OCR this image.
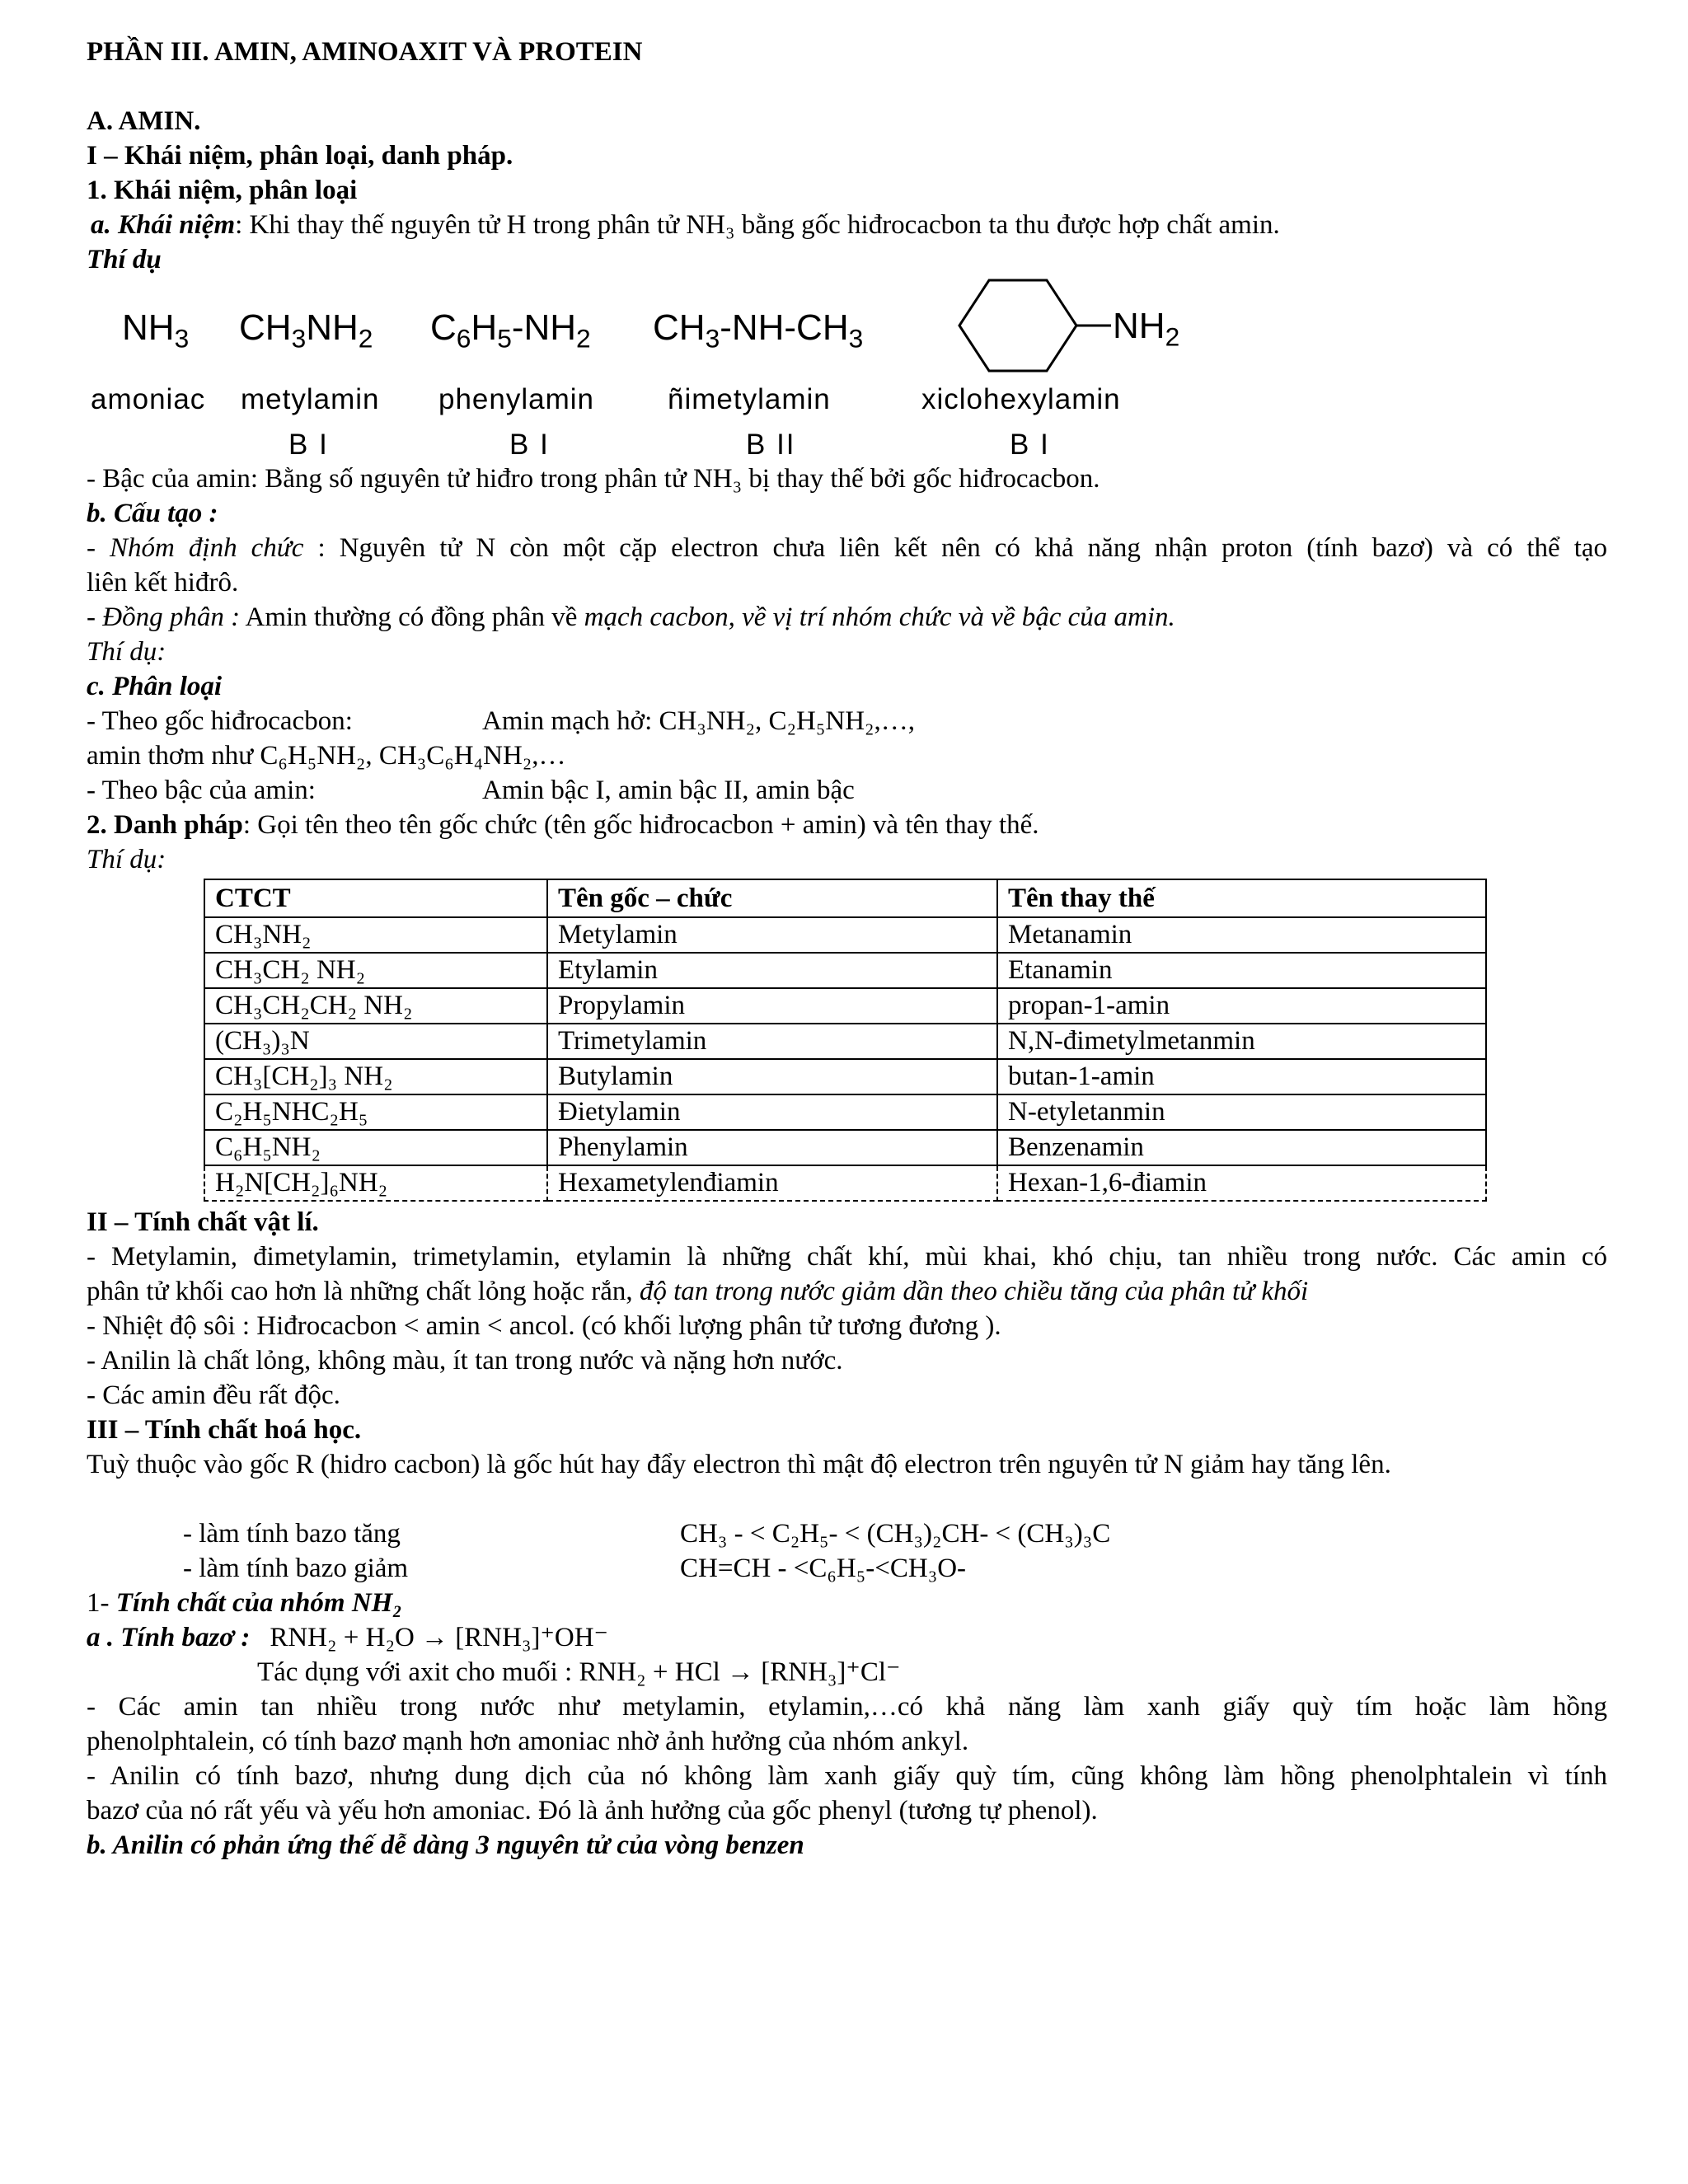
PHẦN III. AMIN, AMINOAXIT VÀ PROTEIN
A. AMIN.
I – Khái niệm, phân loại, danh pháp.
1. Khái niệm, phân loại
a. Khái niệm: Khi thay thế nguyên tử H trong phân tử NH₃ bằng gốc hiđrocacbon ta thu được hợp chất amin.
Thí dụ
$NH_3$ $CH_3NH_2$ $C_6H_5-NH_2$ $CH_3-NH-CH_3$	$NH_2$
amoniac metylamin phenylamin	ñimetylamin	xiclohexylamin
B I	B I	B II	B I
- Bậc của amin: Bằng số nguyên tử hiđro trong phân tử NH₃ bị thay thế bởi gốc hiđrocacbon.
b. Cấu tạo :
- Nhóm định chức : Nguyên tử N còn một cặp electron chưa liên kết nên có khả năng nhận proton (tính bazơ) và có thể tạo
liên kết hiđrô.
- Đồng phân : Amin thường có đồng phân về mạch cacbon, về vị trí nhóm chức và về bậc của amin.
Thí dụ:
c. Phân loại
- Theo gốc hiđrocacbon:	Amin mạch hở: CH₃NH₂, C₂H₅NH₂,…,
amin thơm như C₆H₅NH₂, CH₃C₆H₄NH₂,…
- Theo bậc của amin:	Amin bậc I, amin bậc II, amin bậc
2. Danh pháp: Gọi tên theo tên gốc chức (tên gốc hiđrocacbon + amin) và tên thay thế.
Thí dụ:
CTCT	Tên gốc – chức	Tên thay thế
CH₃NH₂	Metylamin	Metanamin
CH₃CH₂ NH₂	Etylamin	Etanamin
CH₃CH₂CH₂ NH₂	Propylamin	propan-1-amin
(CH₃)₃N	Trimetylamin	N,N-đimetylmetanmin
CH₃[CH₂]₃ NH₂	Butylamin	butan-1-amin
C₂H₅NHC₂H₅	Đietylamin	N-etyletanmin
C₆H₅NH₂	Phenylamin	Benzenamin
H₂N[CH₂]₆NH₂	Hexametylenđiamin	Hexan-1,6-điamin
II – Tính chất vật lí.
- Metylamin, đimetylamin, trimetylamin, etylamin là những chất khí, mùi khai, khó chịu, tan nhiều trong nước. Các amin có
phân tử khối cao hơn là những chất lỏng hoặc rắn, độ tan trong nước giảm dần theo chiều tăng của phân tử khối
- Nhiệt độ sôi : Hiđrocacbon < amin < ancol. (có khối lượng phân tử tương đương ).
- Anilin là chất lỏng, không màu, ít tan trong nước và nặng hơn nước.
- Các amin đều rất độc.
III – Tính chất hoá học.
Tuỳ thuộc vào gốc R (hidro cacbon) là gốc hút hay đẩy electron thì mật độ electron trên nguyên tử N giảm hay tăng lên.
- làm tính bazo tăng	CH₃ - < C₂H₅- < (CH₃)₂CH- < (CH₃)₃C
- làm tính bazo giảm	CH=CH - <C₆H₅-<CH₃O-
1- Tính chất của nhóm NH₂
a . Tính bazơ : RNH₂ + H₂O → [RNH₃]⁺OH⁻
Tác dụng với axit cho muối : RNH₂ + HCl → [RNH₃]⁺Cl⁻
- Các amin tan nhiều trong nước như metylamin, etylamin,…có khả năng làm xanh giấy quỳ tím hoặc làm hồng
phenolphtalein, có tính bazơ mạnh hơn amoniac nhờ ảnh hưởng của nhóm ankyl.
- Anilin có tính bazơ, nhưng dung dịch của nó không làm xanh giấy quỳ tím, cũng không làm hồng phenolphtalein vì tính
bazơ của nó rất yếu và yếu hơn amoniac. Đó là ảnh hưởng của gốc phenyl (tương tự phenol).
b. Anilin có phản ứng thế dễ dàng 3 nguyên tử của vòng benzen
